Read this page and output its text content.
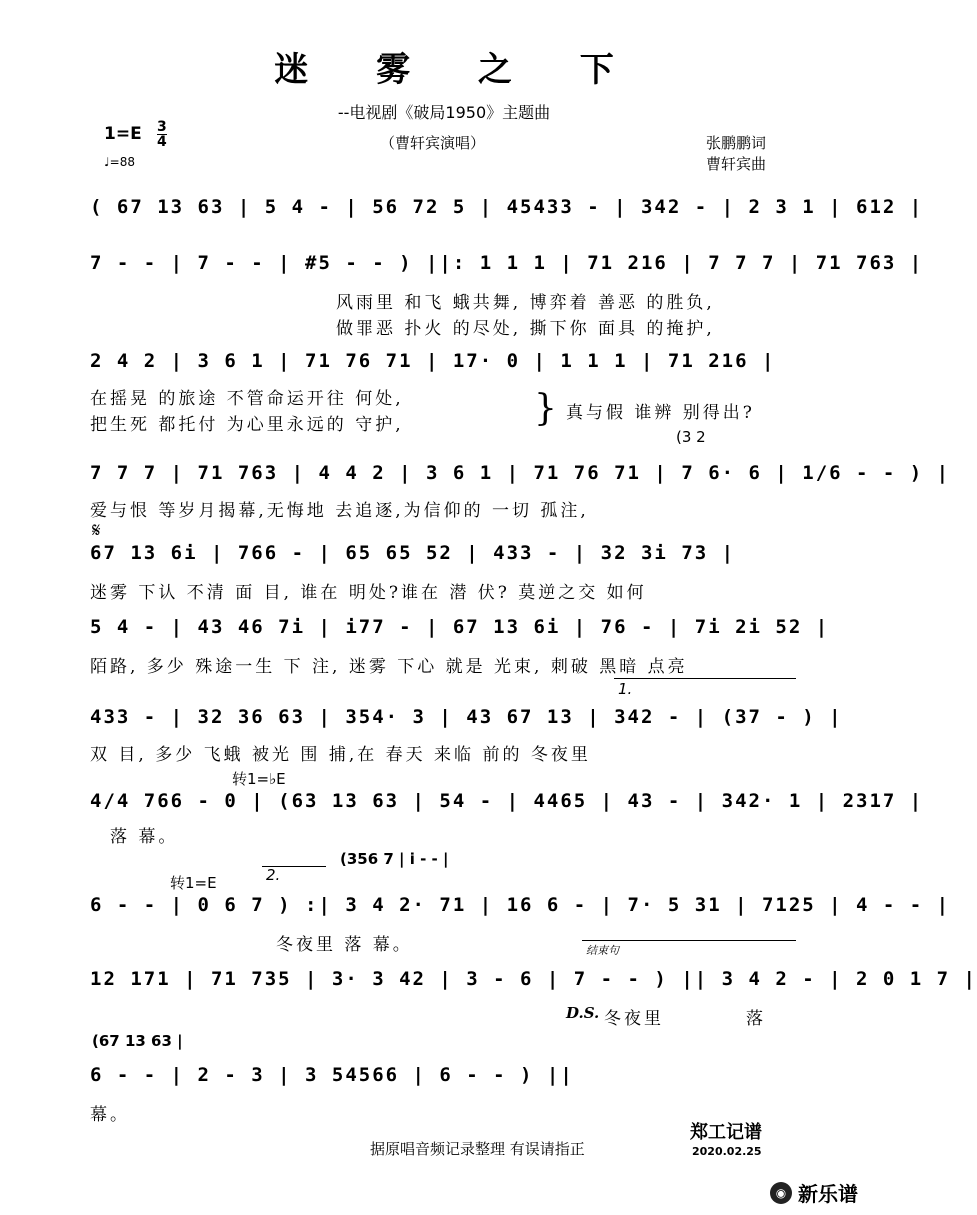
迷 雾 之 下
--电视剧《破局1950》主题曲
1=E 3
4
♩=88
（曹轩宾演唱）	张鹏鹏词
曹轩宾曲
( 67 13 63 | 5 4 - | 56 72 5 | 45433 - | 342 - | 2 3 1 | 612 |
7 - - | 7 - - | #5 - - ) ||: 1 1 1 | 71 216 | 7 7 7 | 71 763 |
风雨里 和飞 蛾共舞, 博弈着 善恶 的胜负,
做罪恶 扑火 的尽处, 撕下你 面具 的掩护,
2 4 2 | 3 6 1 | 71 76 71 | 17· 0 | 1 1 1 | 71 216 |
在摇晃 的旅途 不管命运开往 何处,
把生死 都托付 为心里永远的 守护,	} 真与假 谁辨 别得出?
(3 2
7 7 7 | 71 763 | 4 4 2 | 3 6 1 | 71 76 71 | 7 6· 6 | 1/6 - - ) |
爱与恨 等岁月揭幕,无悔地 去追逐,为信仰的 一切 孤注,
𝄋
67 13 6i | 766 - | 65 65 52 | 433 - | 32 3i 73 |
迷雾 下认 不清 面 目, 谁在 明处?谁在 潜 伏? 莫逆之交 如何
5 4 - | 43 46 7i | i77 - | 67 13 6i | 76 - | 7i 2i 52 |
陌路, 多少 殊途一生 下 注, 迷雾 下心 就是 光束, 刺破 黑暗 点亮
1.
433 - | 32 36 63 | 354· 3 | 43 67 13 | 342 - | (37 - ) |
双 目, 多少 飞蛾 被光 围 捕,在 春天 来临 前的 冬夜里
转1=♭E
4/4 766 - 0 | (63 13 63 | 54 - | 4465 | 43 - | 342· 1 | 2317 |
落 幕。
(356 7 | i - - |
2.
转1=E
6 - - | 0 6 7 ) :| 3 4 2· 71 | 16 6 - | 7· 5 31 | 7125 | 4 - - |
冬夜里 落 幕。	结束句
12 171 | 71 735 | 3· 3 42 | 3 - 6 | 7 - - ) || 3 4 2 - | 2 0 1 7 |
D.S. 冬夜里	落
(67 13 63 |
6 - - | 2 - 3 | 3 54566 | 6 - - ) ||
幕。
据原唱音频记录整理 有误请指正
郑工记谱
2020.02.25
◉ 新乐谱
